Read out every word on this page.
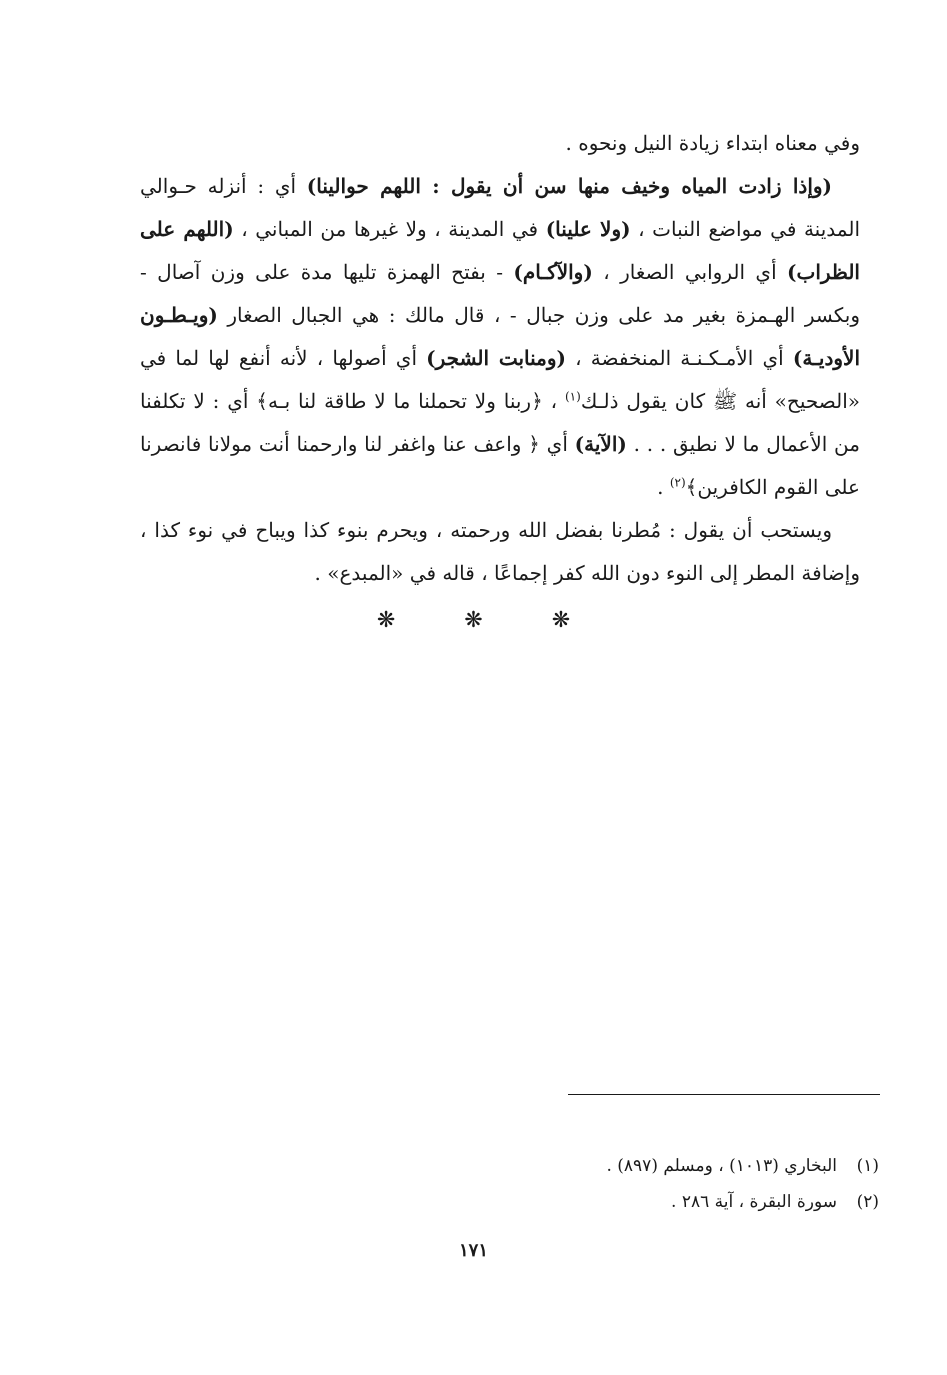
وفي معناه ابتداء زيادة النيل ونحوه .

(وإذا زادت المياه وخيف منها سن أن يقول : اللهم حوالينا) أي : أنزله حـوالي المدينة في مواضع النبات ، (ولا علينا) في المدينة ، ولا غيرها من المباني ، (اللهم على الظراب) أي الروابي الصغار ، (والآكـام) - بفتح الهمزة تليها مدة على وزن آصال - وبكسر الهـمزة بغير مد على وزن جبال - ، قال مالك : هي الجبال الصغار (ويـطـون الأوديـة) أي الأمـكـنـة المنخفضة ، (ومنابت الشجر) أي أصولها ، لأنه أنفع لها لما في «الصحيح» أنه ﷺ كان يقول ذلـك$^{(١)}$ ، ﴿ربنا ولا تحملنا ما لا طاقة لنا بـه﴾ أي : لا تكلفنا من الأعمال ما لا نطيق . . . (الآية) أي ﴿ واعف عنا واغفر لنا وارحمنا أنت مولانا فانصرنا على القوم الكافرين﴾$^{(٢)}$ .

ويستحب أن يقول : مُطرنا بفضل الله ورحمته ، ويحرم بنوء كذا ويباح في نوء كذا ، وإضافة المطر إلى النوء دون الله كفر إجماعًا ، قاله في «المبدع» .

❋	❋	❋
(١)
البخاري (١٠١٣) ، ومسلم (٨٩٧) .
(٢)
سورة البقرة ، آية ٢٨٦ .
١٧١
